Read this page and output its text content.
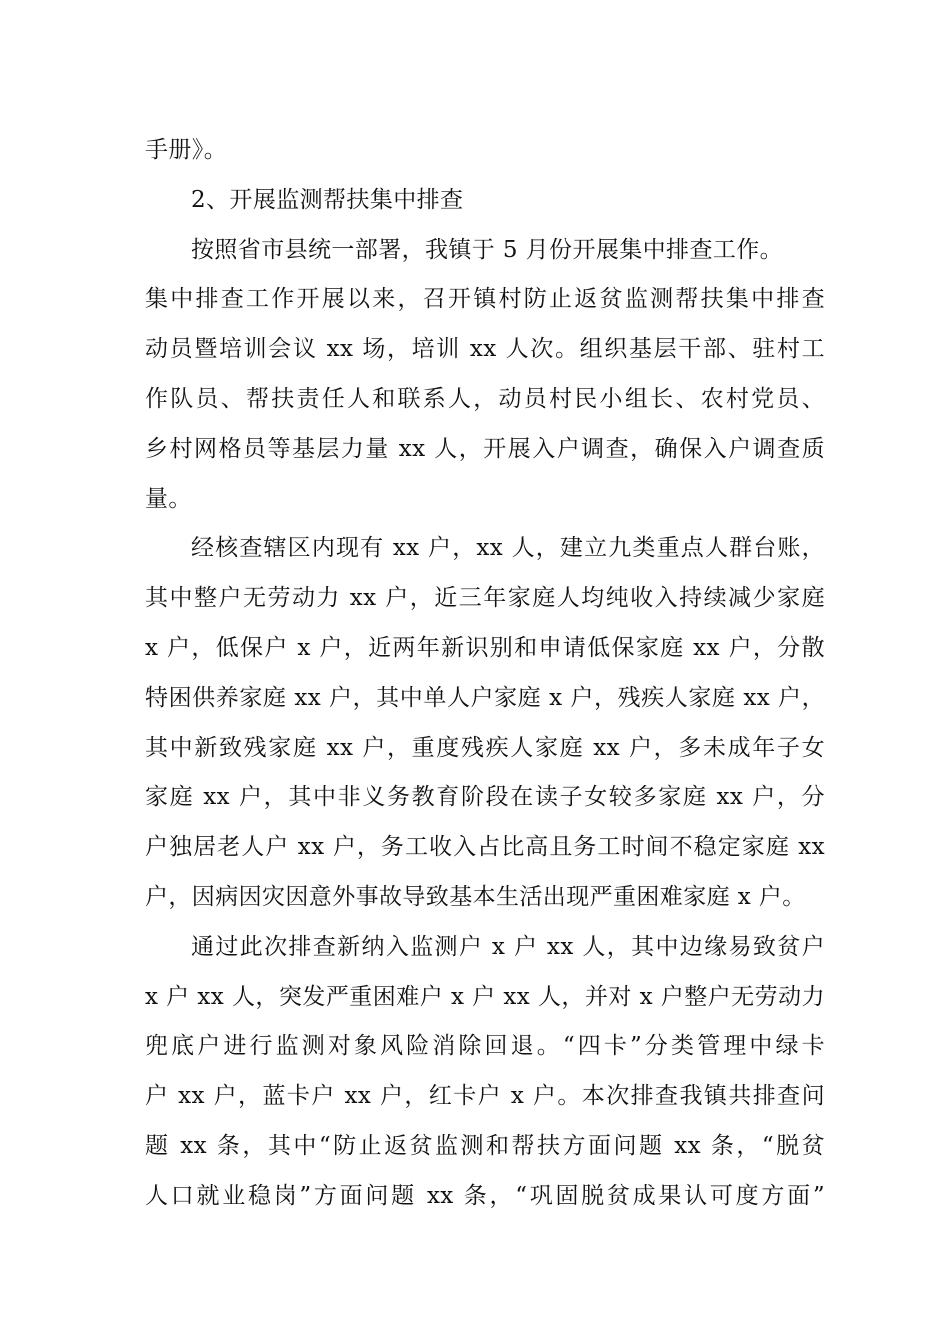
手册》。
2、开展监测帮扶集中排查
按照省市县统一部署，我镇于 5 月份开展集中排查工作。
集中排查工作开展以来，召开镇村防止返贫监测帮扶集中排查
动员暨培训会议 xx 场，培训 xx 人次。组织基层干部、驻村工
作队员、帮扶责任人和联系人，动员村民小组长、农村党员、
乡村网格员等基层力量 xx 人，开展入户调查，确保入户调查质
量。
经核查辖区内现有 xx 户，xx 人，建立九类重点人群台账，
其中整户无劳动力 xx 户，近三年家庭人均纯收入持续减少家庭
x 户，低保户 x 户，近两年新识别和申请低保家庭 xx 户，分散
特困供养家庭 xx 户，其中单人户家庭 x 户，残疾人家庭 xx 户，
其中新致残家庭 xx 户，重度残疾人家庭 xx 户，多未成年子女
家庭 xx 户，其中非义务教育阶段在读子女较多家庭 xx 户，分
户独居老人户 xx 户，务工收入占比高且务工时间不稳定家庭 xx
户，因病因灾因意外事故导致基本生活出现严重困难家庭 x 户。
通过此次排查新纳入监测户 x 户 xx 人，其中边缘易致贫户
x 户 xx 人，突发严重困难户 x 户 xx 人，并对 x 户整户无劳动力
兜底户进行监测对象风险消除回退。“四卡”分类管理中绿卡
户 xx 户，蓝卡户 xx 户，红卡户 x 户。本次排查我镇共排查问
题 xx 条，其中“防止返贫监测和帮扶方面问题 xx 条，“脱贫
人口就业稳岗”方面问题 xx 条，“巩固脱贫成果认可度方面”
